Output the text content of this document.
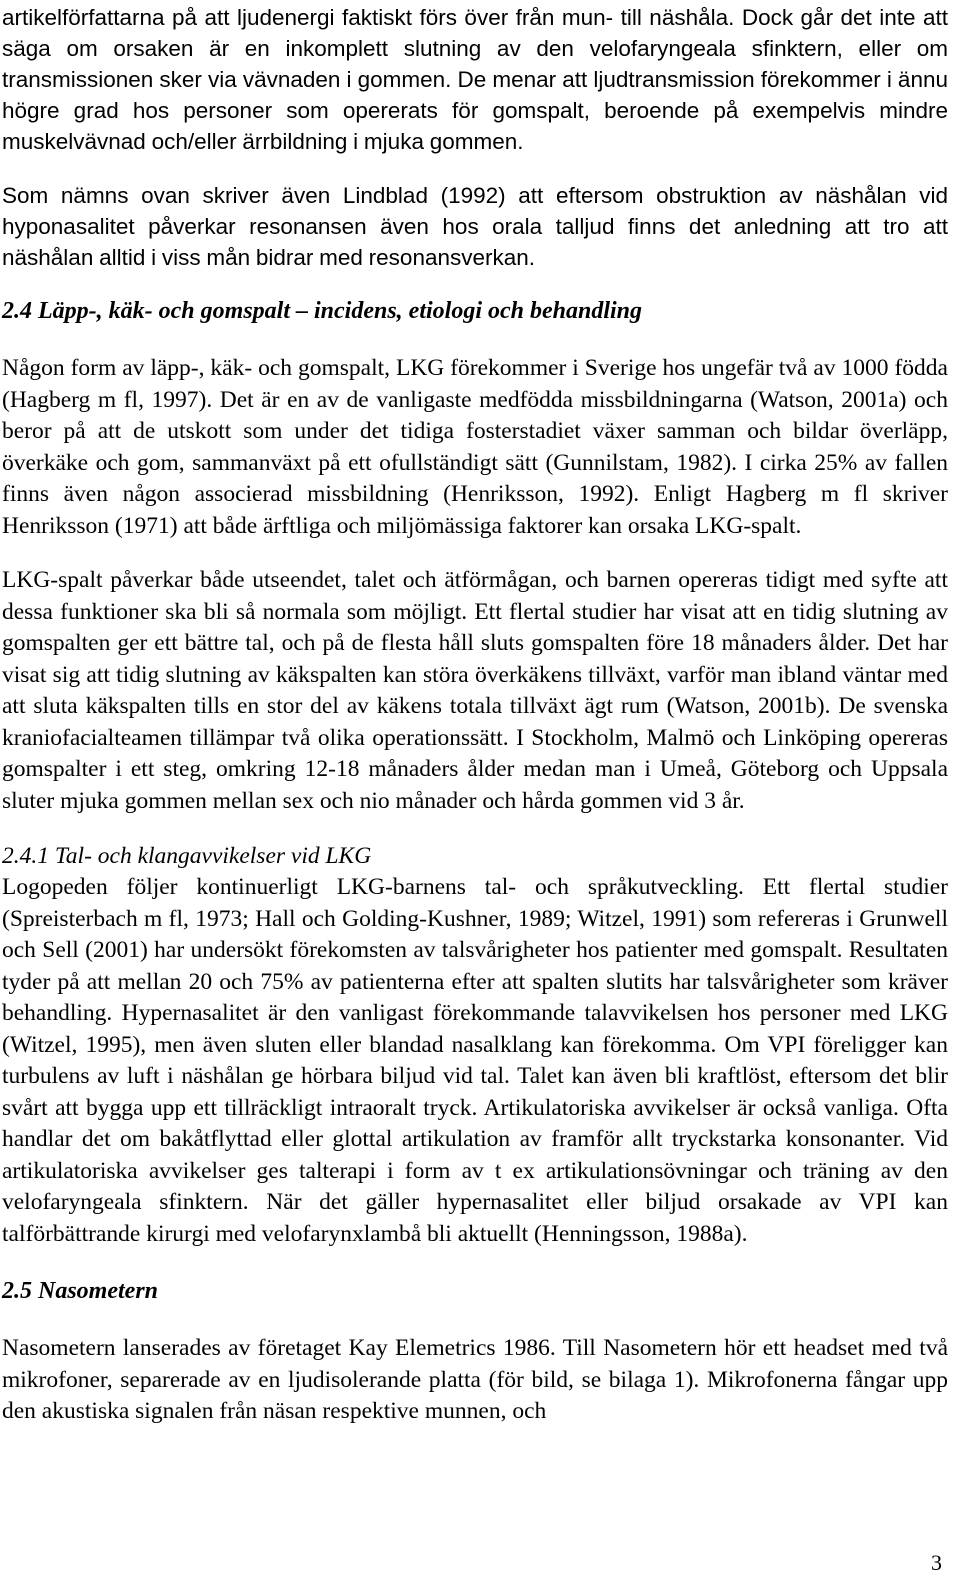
artikelförfattarna på att ljudenergi faktiskt förs över från mun- till näshåla. Dock går det inte att säga om orsaken är en inkomplett slutning av den velofaryngeala sfinktern, eller om transmissionen sker via vävnaden i gommen. De menar att ljudtransmission förekommer i ännu högre grad hos personer som opererats för gomspalt, beroende på exempelvis mindre muskelvävnad och/eller ärrbildning i mjuka gommen.

Som nämns ovan skriver även Lindblad (1992) att eftersom obstruktion av näshålan vid hyponasalitet påverkar resonansen även hos orala talljud finns det anledning att tro att näshålan alltid i viss mån bidrar med resonansverkan.

2.4 Läpp-, käk- och gomspalt – incidens, etiologi och behandling

Någon form av läpp-, käk- och gomspalt, LKG förekommer i Sverige hos ungefär två av 1000 födda (Hagberg m fl, 1997). Det är en av de vanligaste medfödda missbildningarna (Watson, 2001a) och beror på att de utskott som under det tidiga fosterstadiet växer samman och bildar överläpp, överkäke och gom, sammanväxt på ett ofullständigt sätt (Gunnilstam, 1982). I cirka 25% av fallen finns även någon associerad missbildning (Henriksson, 1992). Enligt Hagberg m fl skriver Henriksson (1971) att både ärftliga och miljömässiga faktorer kan orsaka LKG-spalt.

LKG-spalt påverkar både utseendet, talet och ätförmågan, och barnen opereras tidigt med syfte att dessa funktioner ska bli så normala som möjligt. Ett flertal studier har visat att en tidig slutning av gomspalten ger ett bättre tal, och på de flesta håll sluts gomspalten före 18 månaders ålder. Det har visat sig att tidig slutning av käkspalten kan störa överkäkens tillväxt, varför man ibland väntar med att sluta käkspalten tills en stor del av käkens totala tillväxt ägt rum (Watson, 2001b). De svenska kraniofacialteamen tillämpar två olika operationssätt. I Stockholm, Malmö och Linköping opereras gomspalter i ett steg, omkring 12-18 månaders ålder medan man i Umeå, Göteborg och Uppsala sluter mjuka gommen mellan sex och nio månader och hårda gommen vid 3 år.

2.4.1 Tal- och klangavvikelser vid LKG

Logopeden följer kontinuerligt LKG-barnens tal- och språkutveckling. Ett flertal studier (Spreisterbach m fl, 1973; Hall och Golding-Kushner, 1989; Witzel, 1991) som refereras i Grunwell och Sell (2001) har undersökt förekomsten av talsvårigheter hos patienter med gomspalt. Resultaten tyder på att mellan 20 och 75% av patienterna efter att spalten slutits har talsvårigheter som kräver behandling. Hypernasalitet är den vanligast förekommande talavvikelsen hos personer med LKG (Witzel, 1995), men även sluten eller blandad nasalklang kan förekomma. Om VPI föreligger kan turbulens av luft i näshålan ge hörbara biljud vid tal. Talet kan även bli kraftlöst, eftersom det blir svårt att bygga upp ett tillräckligt intraoralt tryck. Artikulatoriska avvikelser är också vanliga. Ofta handlar det om bakåtflyttad eller glottal artikulation av framför allt tryckstarka konsonanter. Vid artikulatoriska avvikelser ges talterapi i form av t ex artikulationsövningar och träning av den velofaryngeala sfinktern. När det gäller hypernasalitet eller biljud orsakade av VPI kan talförbättrande kirurgi med velofarynxlambå bli aktuellt (Henningsson, 1988a).

2.5 Nasometern

Nasometern lanserades av företaget Kay Elemetrics 1986. Till Nasometern hör ett headset med två mikrofoner, separerade av en ljudisolerande platta (för bild, se bilaga 1). Mikrofonerna fångar upp den akustiska signalen från näsan respektive munnen, och

3
